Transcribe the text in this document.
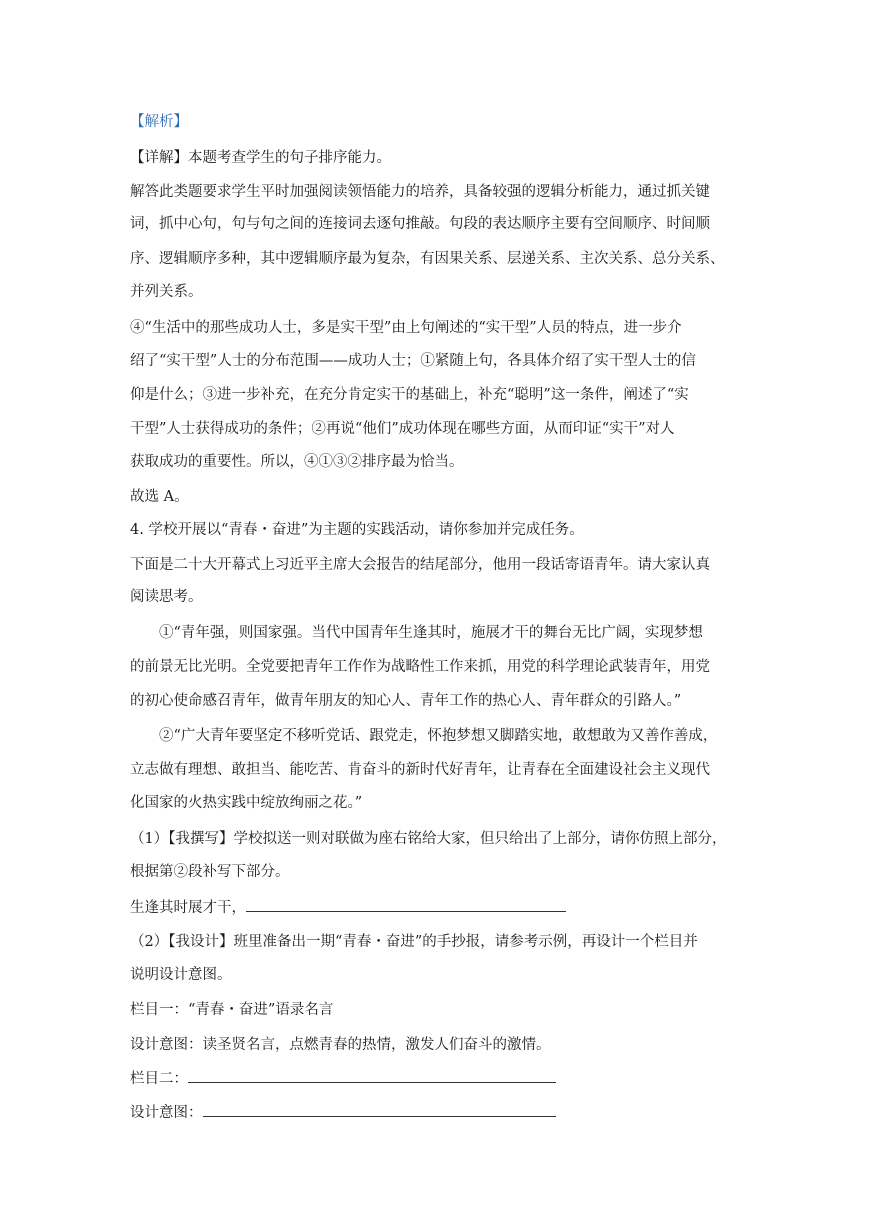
【解析】
【详解】本题考查学生的句子排序能力。
解答此类题要求学生平时加强阅读领悟能力的培养，具备较强的逻辑分析能力，通过抓关键
词，抓中心句，句与句之间的连接词去逐句推敲。句段的表达顺序主要有空间顺序、时间顺
序、逻辑顺序多种，其中逻辑顺序最为复杂，有因果关系、层递关系、主次关系、总分关系、
并列关系。
④“生活中的那些成功人士，多是实干型”由上句阐述的“实干型”人员的特点，进一步介
绍了“实干型”人士的分布范围——成功人士；①紧随上句，各具体介绍了实干型人士的信
仰是什么；③进一步补充，在充分肯定实干的基础上，补充“聪明”这一条件，阐述了“实
干型”人士获得成功的条件；②再说“他们”成功体现在哪些方面，从而印证“实干”对人
获取成功的重要性。所以，④①③②排序最为恰当。
故选 A。
4. 学校开展以“青春・奋进”为主题的实践活动，请你参加并完成任务。
下面是二十大开幕式上习近平主席大会报告的结尾部分，他用一段话寄语青年。请大家认真
阅读思考。
①“青年强，则国家强。当代中国青年生逢其时，施展才干的舞台无比广阔，实现梦想
的前景无比光明。全党要把青年工作作为战略性工作来抓，用党的科学理论武装青年，用党
的初心使命感召青年，做青年朋友的知心人、青年工作的热心人、青年群众的引路人。”
②“广大青年要坚定不移听党话、跟党走，怀抱梦想又脚踏实地，敢想敢为又善作善成，
立志做有理想、敢担当、能吃苦、肯奋斗的新时代好青年，让青春在全面建设社会主义现代
化国家的火热实践中绽放绚丽之花。”
（1）【我撰写】学校拟送一则对联做为座右铭给大家，但只给出了上部分，请你仿照上部分，
根据第②段补写下部分。
生逢其时展才干，
（2）【我设计】班里准备出一期“青春・奋进”的手抄报，请参考示例，再设计一个栏目并
说明设计意图。
栏目一：“青春・奋进”语录名言
设计意图：读圣贤名言，点燃青春的热情，激发人们奋斗的激情。
栏目二：
设计意图：
